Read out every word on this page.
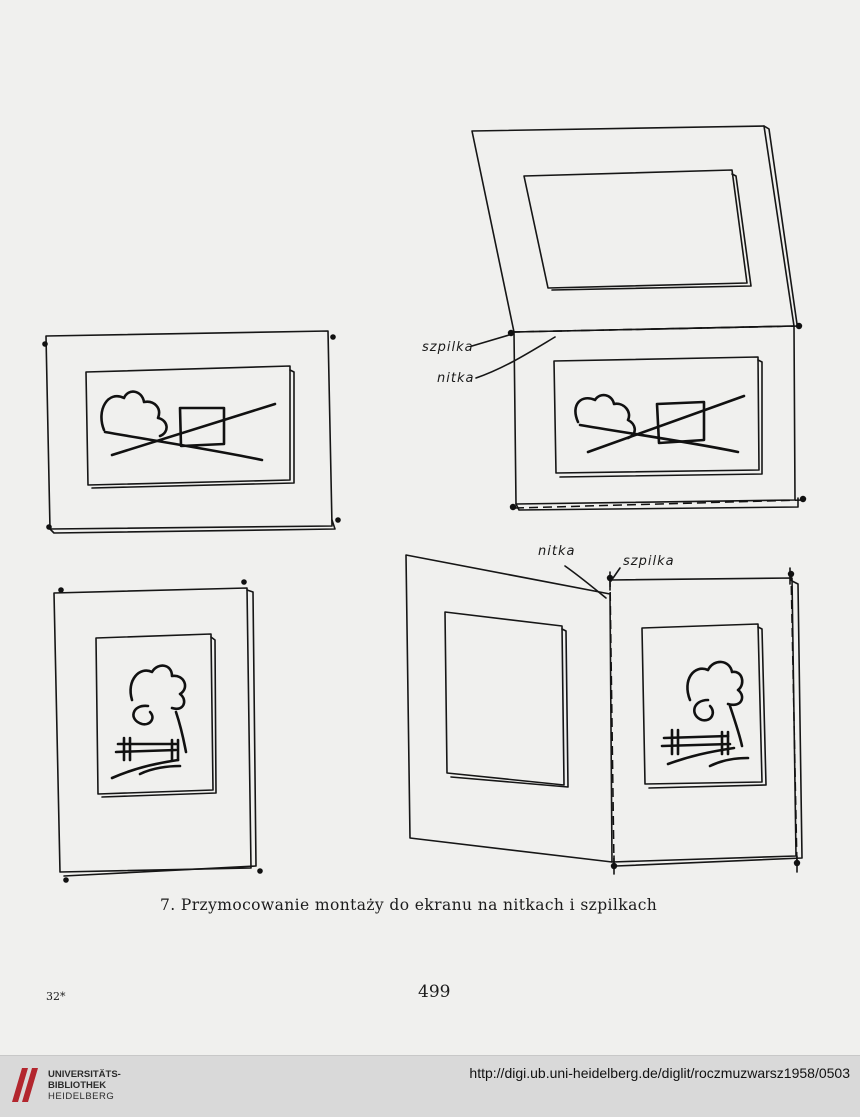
szpilka
nitka
nitka
szpilka
7. Przymocowanie montaży do ekranu na nitkach i szpilkach
32*	499
UNIVERSITÄTS-
BIBLIOTHEK
HEIDELBERG
http://digi.ub.uni-heidelberg.de/diglit/roczmuzwarsz1958/0503
